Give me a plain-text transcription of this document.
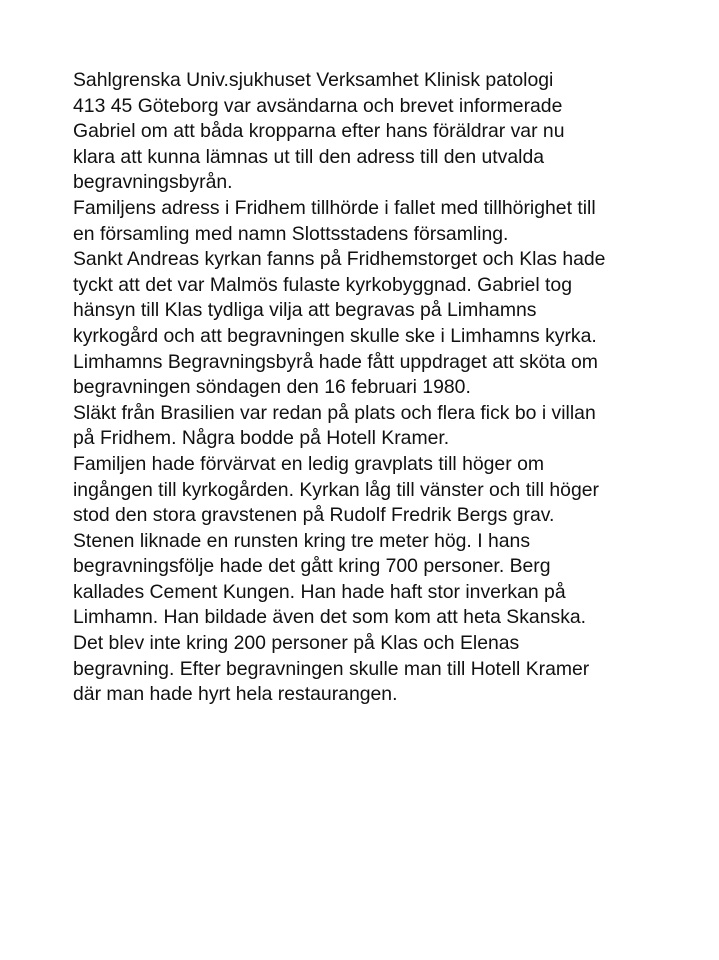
Sahlgrenska Univ.sjukhuset Verksamhet Klinisk patologi
413 45 Göteborg var avsändarna och brevet informerade
Gabriel om att båda kropparna efter hans föräldrar var nu
klara att kunna lämnas ut till den adress till den utvalda
begravningsbyrån.
Familjens adress i Fridhem tillhörde i fallet med tillhörighet till
en församling med namn Slottsstadens församling.
Sankt Andreas kyrkan fanns på Fridhemstorget och Klas hade
tyckt att det var Malmös fulaste kyrkobyggnad. Gabriel tog
hänsyn till Klas tydliga vilja att begravas på Limhamns
kyrkogård och att begravningen skulle ske i Limhamns kyrka.
Limhamns Begravningsbyrå hade fått uppdraget att sköta om
begravningen söndagen den 16 februari 1980.
Släkt från Brasilien var redan på plats och flera fick bo i villan
på Fridhem. Några bodde på Hotell Kramer.
Familjen hade förvärvat en ledig gravplats till höger om
ingången till kyrkogården. Kyrkan låg till vänster och till höger
stod den stora gravstenen på Rudolf Fredrik Bergs grav.
Stenen liknade en runsten kring tre meter hög. I hans
begravningsfölje hade det gått kring 700 personer. Berg
kallades Cement Kungen. Han hade haft stor inverkan på
Limhamn. Han bildade även det som kom att heta Skanska.
Det blev inte kring 200 personer på Klas och Elenas
begravning. Efter begravningen skulle man till Hotell Kramer
där man hade hyrt hela restaurangen.
